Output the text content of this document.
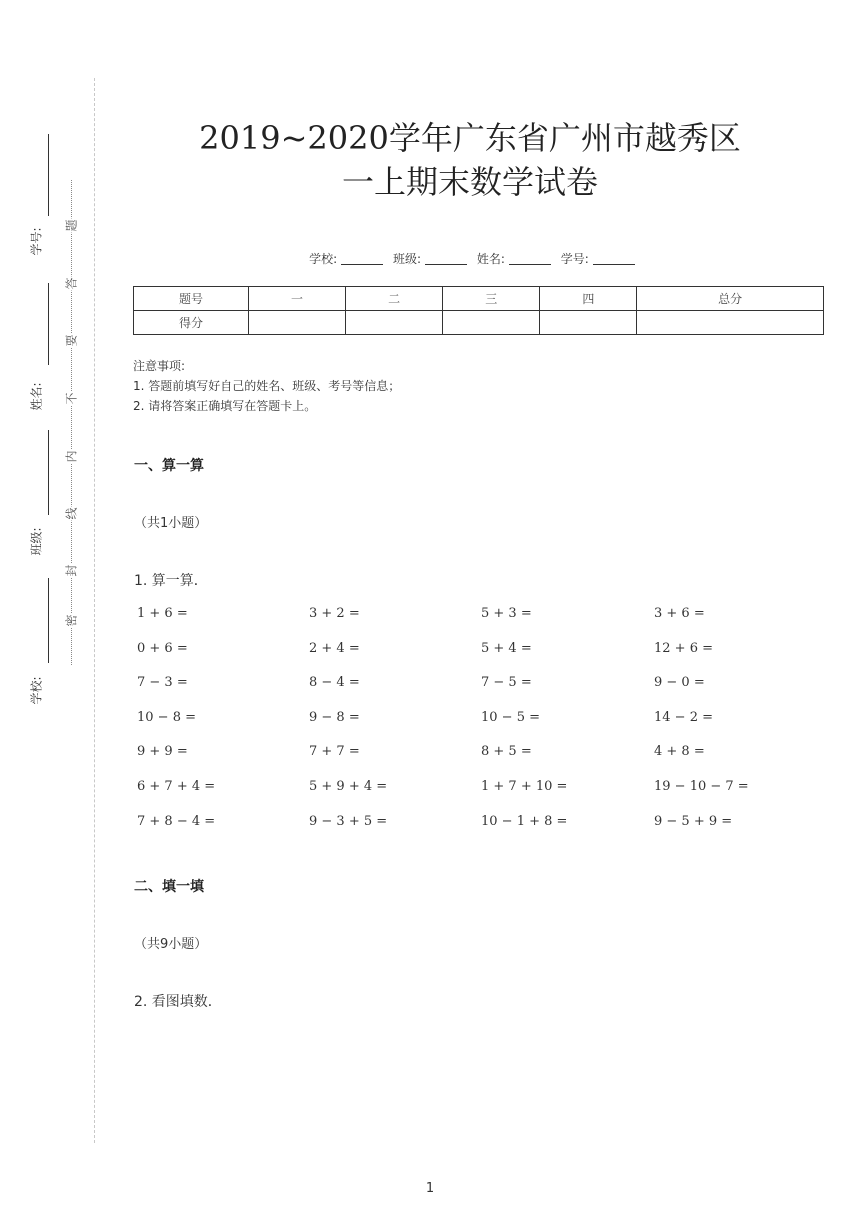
学号:
姓名:
班级:
学校:
题
答
要
不
内
线
封
密
2019~2020学年广东省广州市越秀区
一上期末数学试卷
学校:	班级:	姓名:	学号:
题号	一	二	三	四	总分
得分					
注意事项:
1. 答题前填写好自己的姓名、班级、考号等信息；
2. 请将答案正确填写在答题卡上。
一、算一算
（共1小题）
1. 算一算．
1 + 6 =	3 + 2 =	5 + 3 =	3 + 6 =
0 + 6 =	2 + 4 =	5 + 4 =	12 + 6 =
7 − 3 =	8 − 4 =	7 − 5 =	9 − 0 =
10 − 8 =	9 − 8 =	10 − 5 =	14 − 2 =
9 + 9 =	7 + 7 =	8 + 5 =	4 + 8 =
6 + 7 + 4 =	5 + 9 + 4 =	1 + 7 + 10 =	19 − 10 − 7 =
7 + 8 − 4 =	9 − 3 + 5 =	10 − 1 + 8 =	9 − 5 + 9 =
二、填一填
（共9小题）
2. 看图填数．
1
